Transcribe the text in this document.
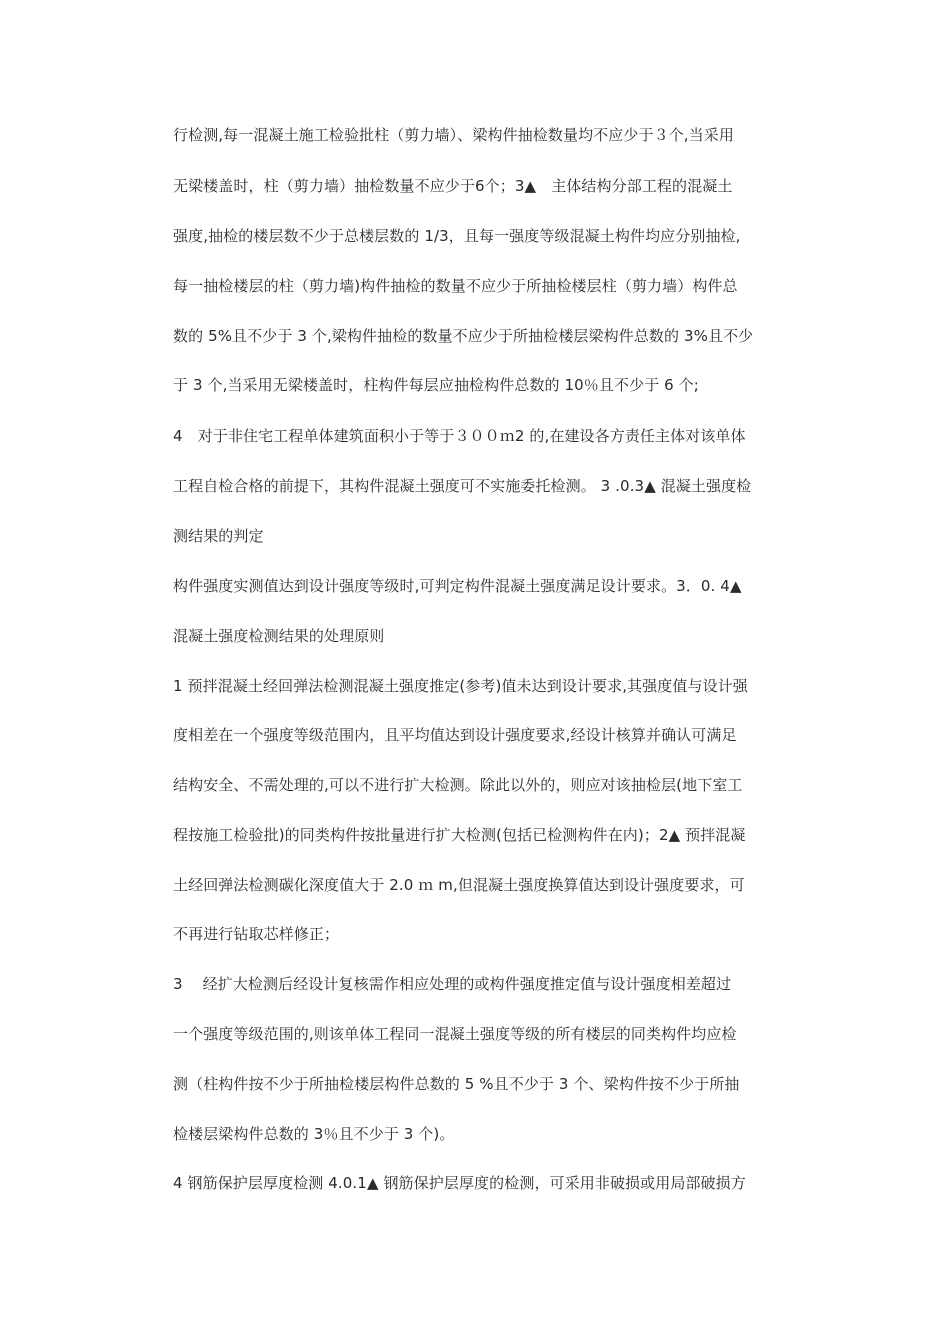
行检测,每一混凝土施工检验批柱（剪力墙）、梁构件抽检数量均不应少于３个,当采用
无梁楼盖时，柱（剪力墙）抽检数量不应少于6个；3▲　主体结构分部工程的混凝土
强度,抽检的楼层数不少于总楼层数的 1/3，且每一强度等级混凝土构件均应分别抽检,
每一抽检楼层的柱（剪力墙)构件抽检的数量不应少于所抽检楼层柱（剪力墙）构件总
数的 5%且不少于 3 个,梁构件抽检的数量不应少于所抽检楼层梁构件总数的 3%且不少
于 3 个,当采用无梁楼盖时，柱构件每层应抽检构件总数的 10％且不少于 6 个;
4　对于非住宅工程单体建筑面积小于等于３００ｍ2 的,在建设各方责任主体对该单体
工程自检合格的前提下，其构件混凝土强度可不实施委托检测。 3 .0.3▲ 混凝土强度检
测结果的判定
构件强度实测值达到设计强度等级时,可判定构件混凝土强度满足设计要求。3．0. 4▲
混凝土强度检测结果的处理原则
1 预拌混凝土经回弹法检测混凝土强度推定(参考)值未达到设计要求,其强度值与设计强
度相差在一个强度等级范围内，且平均值达到设计强度要求,经设计核算并确认可满足
结构安全、不需处理的,可以不进行扩大检测。除此以外的，则应对该抽检层(地下室工
程按施工检验批)的同类构件按批量进行扩大检测(包括已检测构件在内)；2▲ 预拌混凝
土经回弹法检测碳化深度值大于 2.0 ｍ m,但混凝土强度换算值达到设计强度要求，可
不再进行钻取芯样修正；
3　 经扩大检测后经设计复核需作相应处理的或构件强度推定值与设计强度相差超过
一个强度等级范围的,则该单体工程同一混凝土强度等级的所有楼层的同类构件均应检
测（柱构件按不少于所抽检楼层构件总数的 5 %且不少于 3 个、梁构件按不少于所抽
检楼层梁构件总数的 3％且不少于 3 个)。
4 钢筋保护层厚度检测 4.0.1▲ 钢筋保护层厚度的检测，可采用非破损或用局部破损方
